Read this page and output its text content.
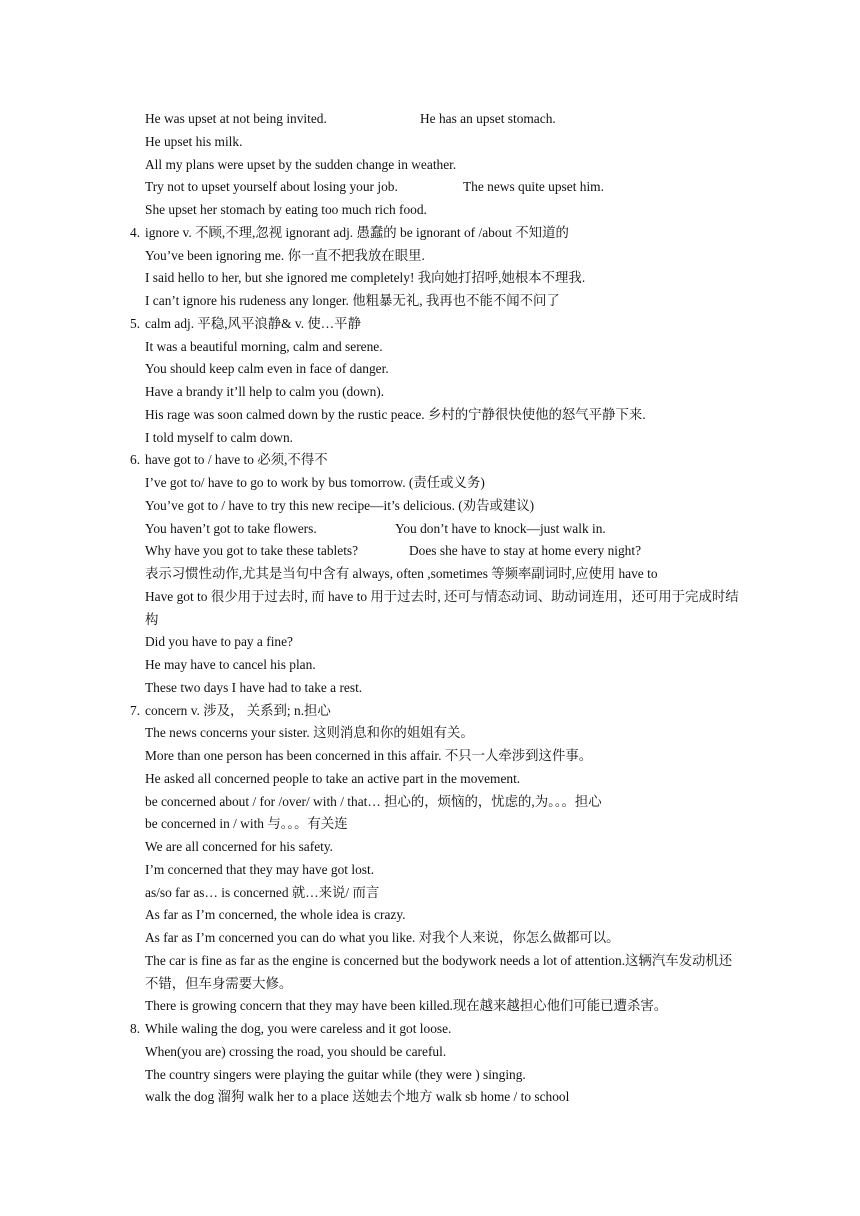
He was upset at not being invited.	He has an upset stomach.
He upset his milk.
All my plans were upset by the sudden change in weather.
Try not to upset yourself about losing your job.	The news quite upset him.
She upset her stomach by eating too much rich food.
4. ignore v. 不顾,不理,忽视 ignorant adj. 愚蠢的 be ignorant of /about 不知道的
You’ve been ignoring me. 你一直不把我放在眼里.
I said hello to her, but she ignored me completely! 我向她打招呼,她根本不理我.
I can’t ignore his rudeness any longer. 他粗暴无礼, 我再也不能不闻不问了
5. calm adj. 平稳,风平浪静& v. 使…平静
It was a beautiful morning, calm and serene.
You should keep calm even in face of danger.
Have a brandy it’ll help to calm you (down).
His rage was soon calmed down by the rustic peace. 乡村的宁静很快使他的怒气平静下来.
I told myself to calm down.
6. have got to / have to 必须,不得不
I’ve got to/ have to go to work by bus tomorrow. (责任或义务)
You’ve got to / have to try this new recipe—it’s delicious. (劝告或建议)
You haven’t got to take flowers.	You don’t have to knock—just walk in.
Why have you got to take these tablets?	Does she have to stay at home every night?
表示习惯性动作,尤其是当句中含有 always, often ,sometimes 等频率副词时,应使用 have to
Have got to 很少用于过去时, 而 have to 用于过去时, 还可与情态动词、助动词连用，还可用于完成时结构
Did you have to pay a fine?
He may have to cancel his plan.
These two days I have had to take a rest.
7. concern v. 涉及， 关系到; n.担心
The news concerns your sister. 这则消息和你的姐姐有关。
More than one person has been concerned in this affair. 不只一人牵涉到这件事。
He asked all concerned people to take an active part in the movement.
be concerned about / for /over/ with / that… 担心的，烦恼的，忧虑的,为。。。担心
be concerned in / with 与。。。有关连
We are all concerned for his safety.
I’m concerned that they may have got lost.
as/so far as… is concerned 就…来说/ 而言
As far as I’m concerned, the whole idea is crazy.
As far as I’m concerned you can do what you like. 对我个人来说，你怎么做都可以。
The car is fine as far as the engine is concerned but the bodywork needs a lot of attention.这辆汽车发动机还不错，但车身需要大修。
There is growing concern that they may have been killed.现在越来越担心他们可能已遭杀害。
8. While waling the dog, you were careless and it got loose.
When(you are) crossing the road, you should be careful.
The country singers were playing the guitar while (they were ) singing.
walk the dog 溜狗 walk her to a place 送她去个地方 walk sb home / to school
